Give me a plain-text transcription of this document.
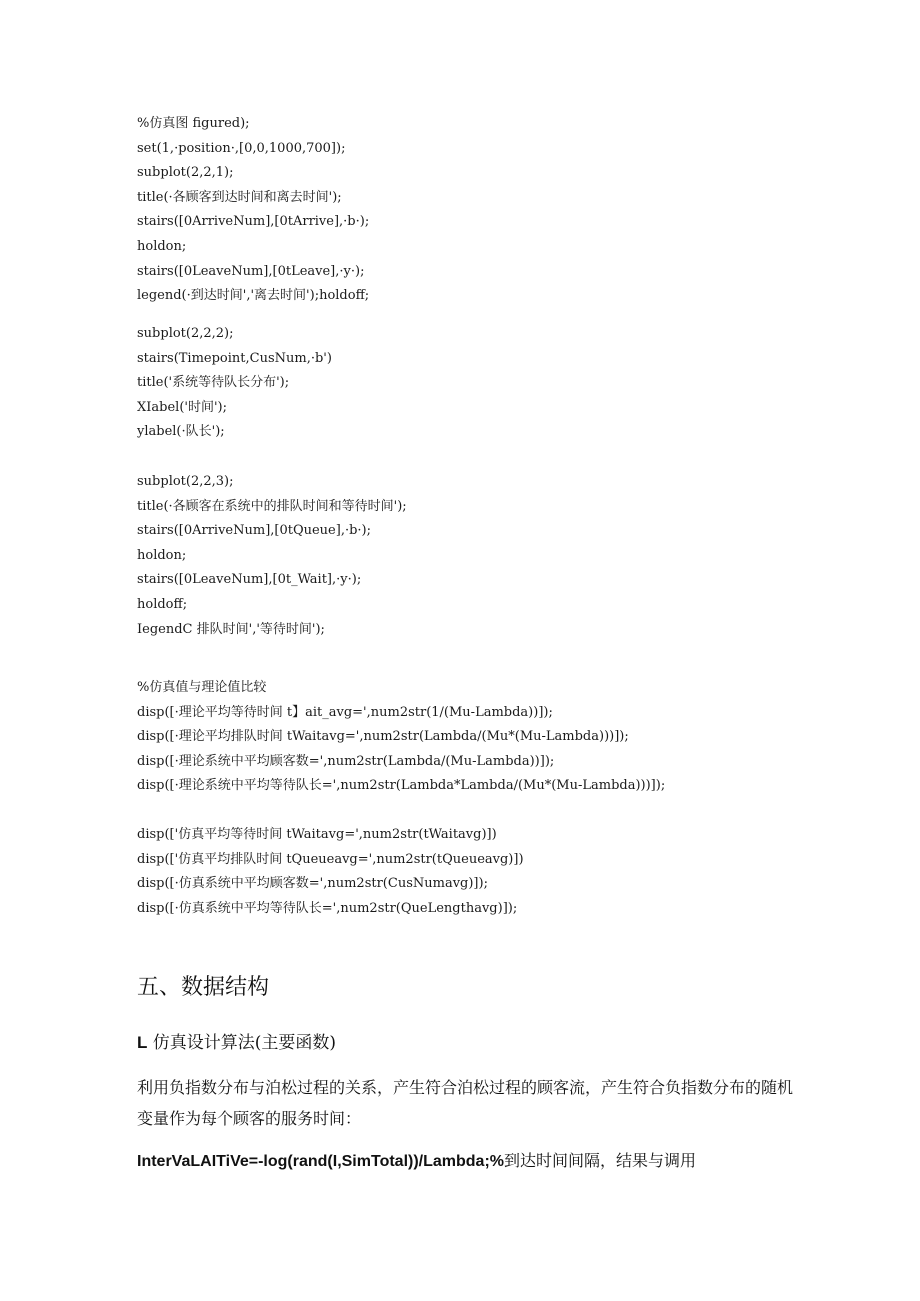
%仿真图 figured);
set(1,·position·,[0,0,1000,700]);
subplot(2,2,1);
title(·各顾客到达时间和离去时间');
stairs([0ArriveNum],[0tArrive],·b·);
holdon;
stairs([0LeaveNum],[0tLeave],·y·);
legend(·到达时间','离去时间');holdoff;
subplot(2,2,2);
stairs(Timepoint,CusNum,·b')
title('系统等待队长分布');
XIabel('时间');
ylabel(·队长');
subplot(2,2,3);
title(·各顾客在系统中的排队时间和等待时间');
stairs([0ArriveNum],[0tQueue],·b·);
holdon;
stairs([0LeaveNum],[0t_Wait],·y·);
holdoff;
IegendC 排队时间','等待时间');
%仿真值与理论值比较
disp([·理论平均等待时间 t】ait_avg=',num2str(1/(Mu-Lambda))]);
disp([·理论平均排队时间 tWaitavg=',num2str(Lambda/(Mu*(Mu-Lambda)))]);
disp([·理论系统中平均顾客数=',num2str(Lambda/(Mu-Lambda))]);
disp([·理论系统中平均等待队长=',num2str(Lambda*Lambda/(Mu*(Mu-Lambda)))]);
disp(['仿真平均等待时间 tWaitavg=',num2str(tWaitavg)])
disp(['仿真平均排队时间 tQueueavg=',num2str(tQueueavg)])
disp([·仿真系统中平均顾客数=',num2str(CusNumavg)]);
disp([·仿真系统中平均等待队长=',num2str(QueLengthavg)]);
五、数据结构
L 仿真设计算法(主要函数)
利用负指数分布与泊松过程的关系，产生符合泊松过程的顾客流，产生符合负指数分布的随机变量作为每个顾客的服务时间：
InterVaLAITiVe=-log(rand(I,SimTotal))/Lambda;%到达时间间隔，结果与调用
